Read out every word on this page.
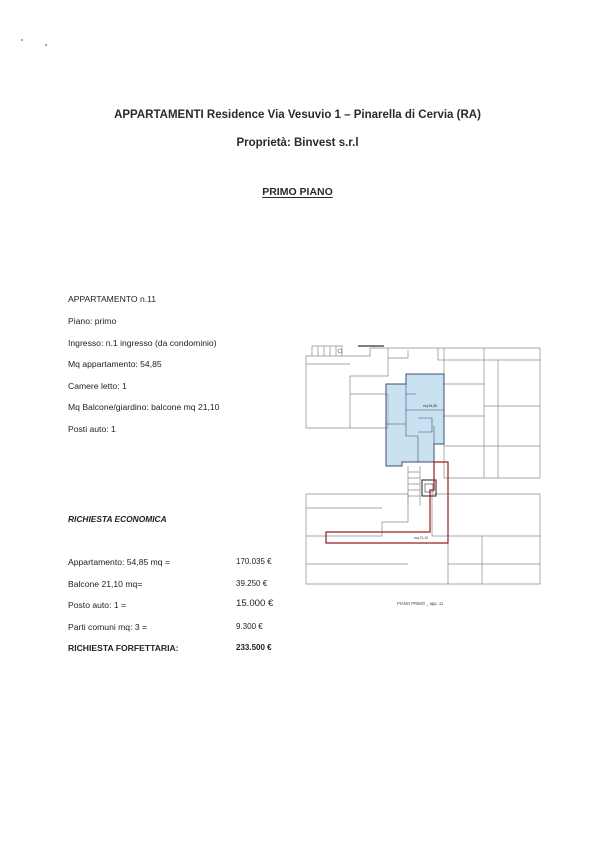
APPARTAMENTI Residence Via Vesuvio 1 – Pinarella di Cervia (RA)
Proprietà: Binvest s.r.l
PRIMO PIANO
APPARTAMENTO n.11
Piano: primo
Ingresso: n.1 ingresso (da condominio)
Mq appartamento: 54,85
Camere letto: 1
Mq Balcone/giardino: balcone mq 21,10
Posti auto: 1
RICHIESTA ECONOMICA
Appartamento: 54,85 mq =	170.035 €
Balcone 21,10 mq=	39.250 €
Posto auto: 1 =	15.000 €
Parti comuni mq: 3 =	9.300 €
RICHIESTA FORFETTARIA:	233.500 €
mq 54,85
mq 21,10
PIANO PRIMO _ app. 11
